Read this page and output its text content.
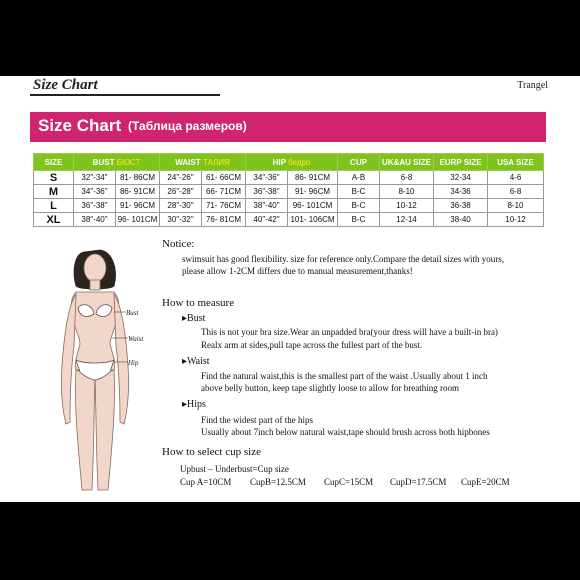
Size Chart	Trangel
Size Chart (Таблица размеров)
SIZE	BUST БЮСТ		WAIST ТАЛИЯ		HIP бедро		CUP	UK&AU SIZE	EURP SIZE	USA SIZE
S	32"-34"	81- 86CM	24"-26"	61- 66CM	34"-36"	86- 91CM	A-B	6-8	32-34	4-6
M	34"-36"	86- 91CM	26"-28"	66- 71CM	36"-38"	91- 96CM	B-C	8-10	34-36	6-8
L	36"-38"	91- 96CM	28"-30"	71- 76CM	38"-40"	96- 101CM	B-C	10-12	36-38	8-10
XL	38"-40"	96- 101CM	30"-32"	76- 81CM	40"-42"	101- 106CM	B-C	12-14	38-40	10-12
Bust
Waist
Hip
Notice:
swimsuit has good flexibility. size for reference only.Compare the detail sizes with yours,
please allow 1-2CM differs due to manual measurement,thanks!
How to measure
▸Bust
This is not your bra size.Wear an unpadded bra(your dress will have a built-in bra)
Realx arm at sides,pull tape across the fullest part of the bust.
▸Waist
Find the natural waist,this is the smallest part of the waist .Usually about 1 inch
above belly button, keep tape slightly loose to allow for breathing room
▸Hips
Find the widest part of the hips
Usually about 7inch below natural waist,tape should brush across both hipbones
How to select cup size
Upbust – Underbust=Cup size
Cup A=10CM CupB=12.5CM CupC=15CM CupD=17.5CM CupE=20CM
